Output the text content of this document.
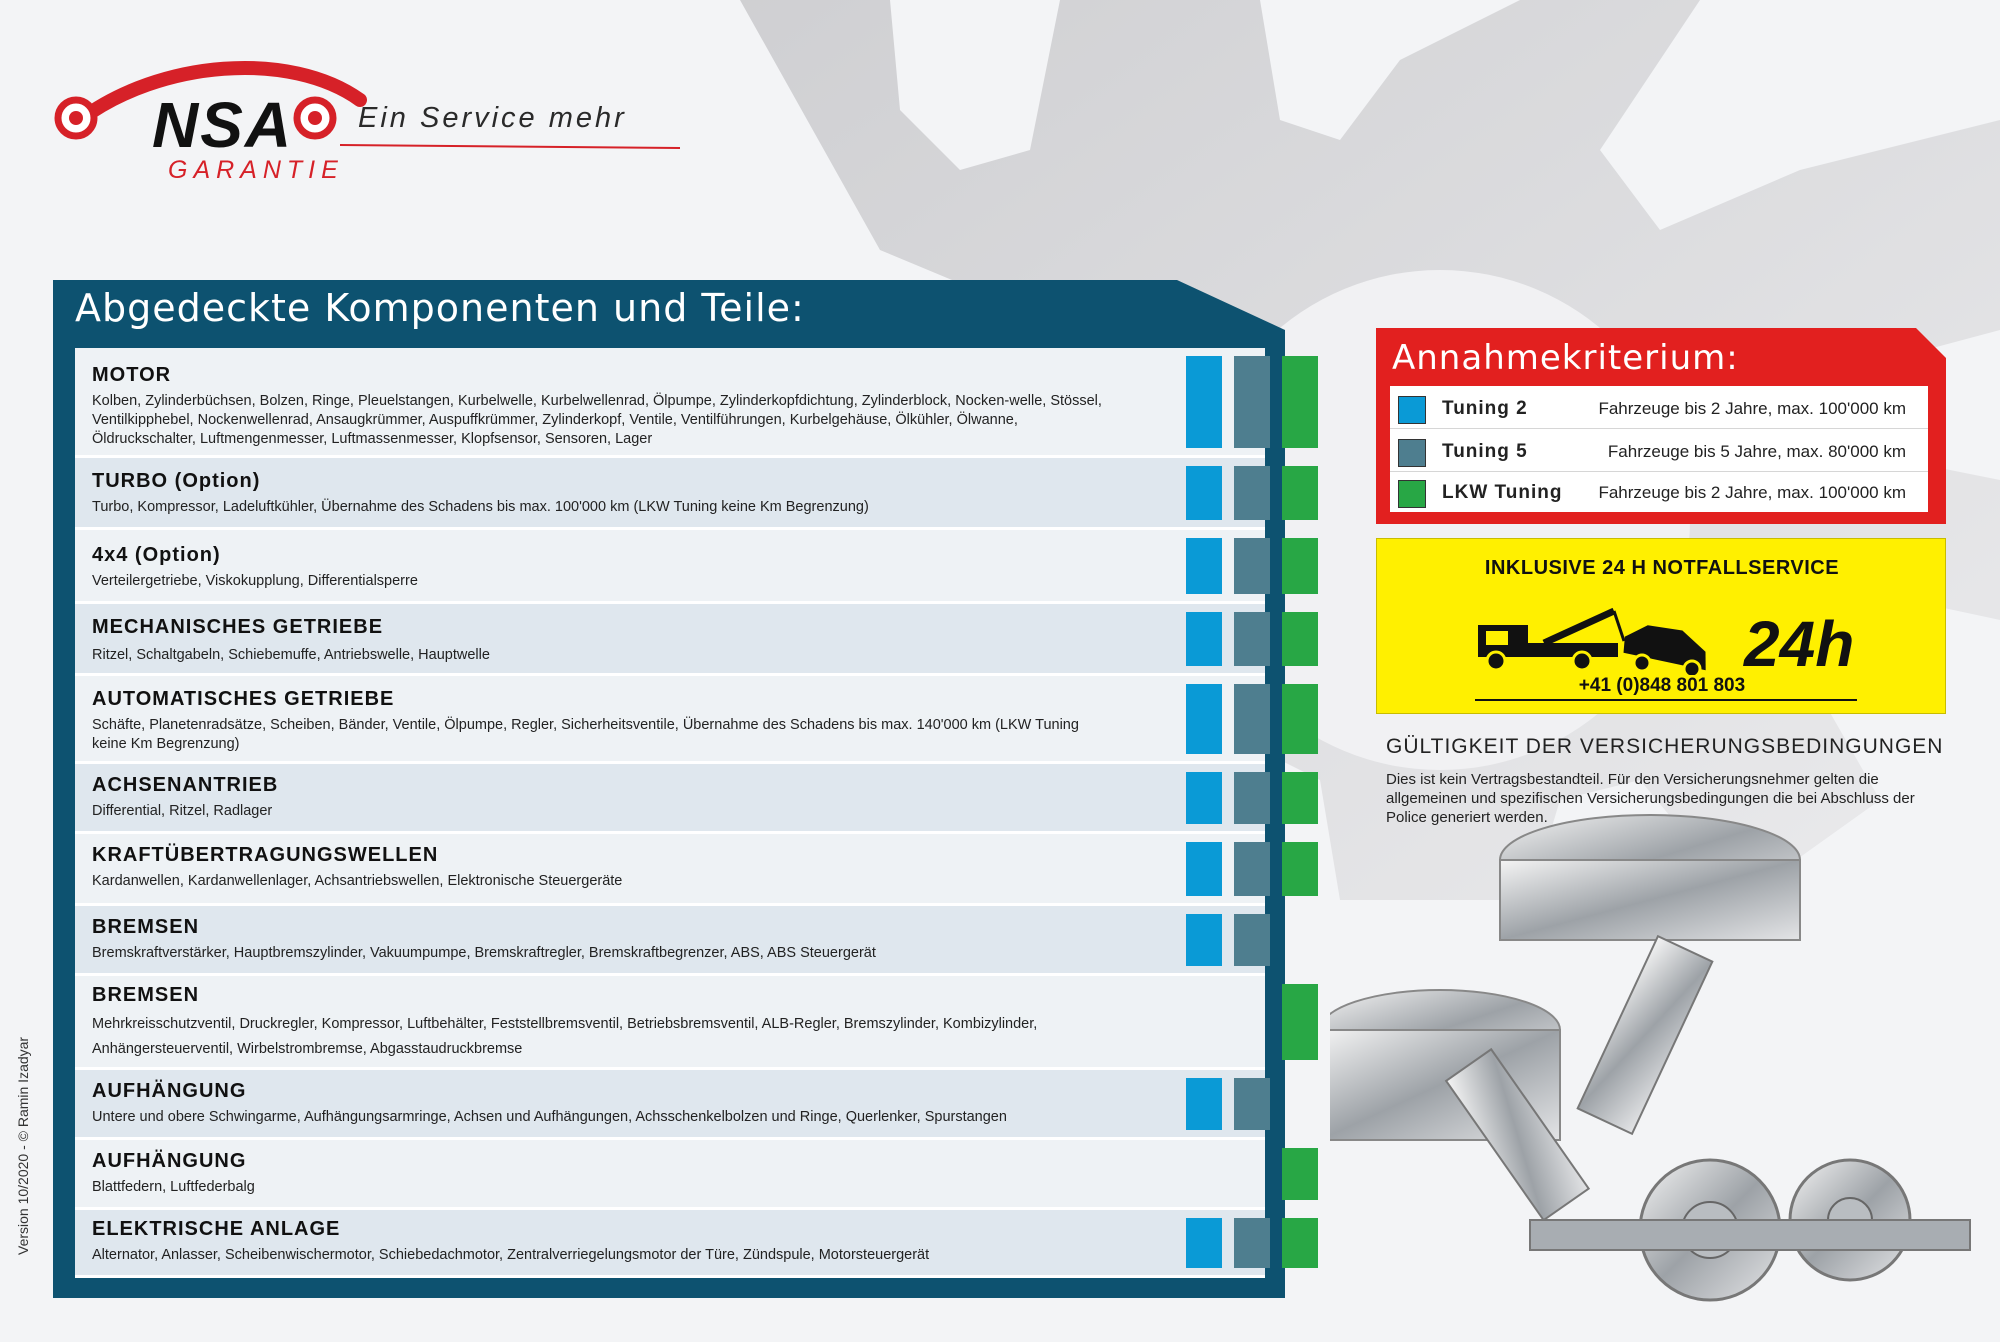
NSA
GARANTIE
Ein Service mehr
Abgedeckte Komponenten und Teile:
MOTOR
Kolben, Zylinderbüchsen, Bolzen, Ringe, Pleuelstangen, Kurbelwelle, Kurbelwellenrad, Ölpumpe, Zylinderkopfdichtung, Zylinderblock, Nocken-welle, Stössel, Ventilkipphebel, Nockenwellenrad, Ansaugkrümmer, Auspuffkrümmer, Zylinderkopf, Ventile, Ventilführungen, Kurbelgehäuse, Ölkühler, Ölwanne, Öldruckschalter, Luftmengenmesser, Luftmassenmesser, Klopfsensor, Sensoren, Lager
TURBO (Option)
Turbo, Kompressor, Ladeluftkühler, Übernahme des Schadens bis max. 100'000 km (LKW Tuning keine Km Begrenzung)
4x4 (Option)
Verteilergetriebe, Viskokupplung, Differentialsperre
MECHANISCHES GETRIEBE
Ritzel, Schaltgabeln, Schiebemuffe, Antriebswelle, Hauptwelle
AUTOMATISCHES GETRIEBE
Schäfte, Planetenradsätze, Scheiben, Bänder, Ventile, Ölpumpe, Regler, Sicherheitsventile, Übernahme des Schadens bis max. 140'000 km (LKW Tuning keine Km Begrenzung)
ACHSENANTRIEB
Differential, Ritzel, Radlager
KRAFTÜBERTRAGUNGSWELLEN
Kardanwellen, Kardanwellenlager, Achsantriebswellen, Elektronische Steuergeräte
BREMSEN
Bremskraftverstärker, Hauptbremszylinder, Vakuumpumpe, Bremskraftregler, Bremskraftbegrenzer, ABS, ABS Steuergerät
BREMSEN
Mehrkreisschutzventil, Druckregler, Kompressor, Luftbehälter, Feststellbremsventil, Betriebsbremsventil, ALB-Regler, Bremszylinder, Kombizylinder, Anhängersteuerventil, Wirbelstrombremse, Abgasstaudruckbremse
AUFHÄNGUNG
Untere und obere Schwingarme, Aufhängungsarmringe, Achsen und Aufhängungen, Achsschenkelbolzen und Ringe, Querlenker, Spurstangen
AUFHÄNGUNG
Blattfedern, Luftfederbalg
ELEKTRISCHE ANLAGE
Alternator, Anlasser, Scheibenwischermotor, Schiebedachmotor, Zentralverriegelungsmotor der Türe, Zündspule, Motorsteuergerät
Annahmekriterium:
Tuning 2	Fahrzeuge bis 2 Jahre, max. 100'000 km
Tuning 5	Fahrzeuge bis 5 Jahre, max. 80'000 km
LKW Tuning Fahrzeuge bis 2 Jahre, max. 100'000 km
INKLUSIVE 24 H NOTFALLSERVICE
24h
+41 (0)848 801 803
GÜLTIGKEIT DER VERSICHERUNGSBEDINGUNGEN
Dies ist kein Vertragsbestandteil. Für den Versicherungsnehmer gelten die allgemeinen und spezifischen Versicherungsbedingungen die bei Abschluss der Police generiert werden.
Version 10/2020 - © Ramin Izadyar
